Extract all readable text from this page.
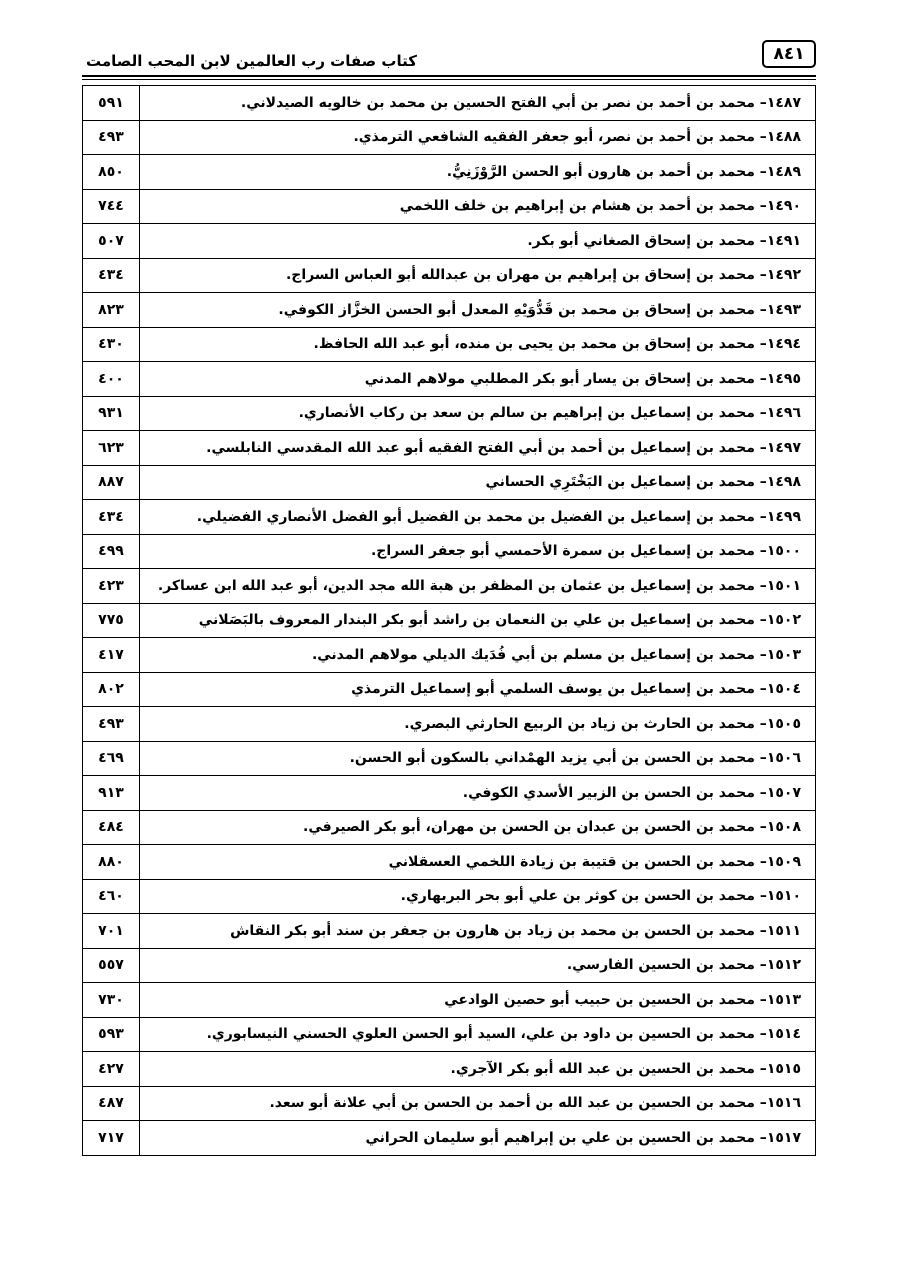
٨٤١
كتاب صفات رب العالمين لابن المحب الصامت
١٤٨٧– محمد بن أحمد بن نصر بن أبي الفتح الحسين بن محمد بن خالويه الصيدلاني.	٥٩١
١٤٨٨– محمد بن أحمد بن نصر، أبو جعفر الفقيه الشافعي الترمذي.	٤٩٣
١٤٨٩– محمد بن أحمد بن هارون أبو الحسن الرَّوْزَنِيُّ.	٨٥٠
١٤٩٠– محمد بن أحمد بن هشام بن إبراهيم بن خلف اللخمي	٧٤٤
١٤٩١– محمد بن إسحاق الصغاني أبو بكر.	٥٠٧
١٤٩٢– محمد بن إسحاق بن إبراهيم بن مهران بن عبدالله أبو العباس السراج.	٤٣٤
١٤٩٣– محمد بن إسحاق بن محمد بن قَدُّوَيْهِ المعدل أبو الحسن الخزَّاز الكوفي.	٨٢٣
١٤٩٤– محمد بن إسحاق بن محمد بن يحيى بن منده، أبو عبد الله الحافظ.	٤٣٠
١٤٩٥– محمد بن إسحاق بن يسار أبو بكر المطلبي مولاهم المدني	٤٠٠
١٤٩٦– محمد بن إسماعيل بن إبراهيم بن سالم بن سعد بن ركاب الأنصاري.	٩٣١
١٤٩٧– محمد بن إسماعيل بن أحمد بن أبي الفتح الفقيه أبو عبد الله المقدسي النابلسي.	٦٢٣
١٤٩٨– محمد بن إسماعيل بن البَخْتَرِي الحساني	٨٨٧
١٤٩٩– محمد بن إسماعيل بن الفضيل بن محمد بن الفضيل أبو الفضل الأنصاري الفضيلي.	٤٣٤
١٥٠٠– محمد بن إسماعيل بن سمرة الأحمسي أبو جعفر السراج.	٤٩٩
١٥٠١– محمد بن إسماعيل بن عثمان بن المظفر بن هبة الله مجد الدين، أبو عبد الله ابن عساكر.	٤٢٣
١٥٠٢– محمد بن إسماعيل بن علي بن النعمان بن راشد أبو بكر البندار المعروف بالبَصَلاني	٧٧٥
١٥٠٣– محمد بن إسماعيل بن مسلم بن أبي فُدَيك الديلي مولاهم المدني.	٤١٧
١٥٠٤– محمد بن إسماعيل بن يوسف السلمي أبو إسماعيل الترمذي	٨٠٢
١٥٠٥– محمد بن الحارث بن زياد بن الربيع الحارثي البصري.	٤٩٣
١٥٠٦– محمد بن الحسن بن أبي يزيد الهمْداني بالسكون أبو الحسن.	٤٦٩
١٥٠٧– محمد بن الحسن بن الزبير الأسدي الكوفي.	٩١٣
١٥٠٨– محمد بن الحسن بن عبدان بن الحسن بن مهران، أبو بكر الصيرفي.	٤٨٤
١٥٠٩– محمد بن الحسن بن قتيبة بن زيادة اللخمي العسقلاني	٨٨٠
١٥١٠– محمد بن الحسن بن كوثر بن علي أبو بحر البربهاري.	٤٦٠
١٥١١– محمد بن الحسن بن محمد بن زياد بن هارون بن جعفر بن سند أبو بكر النقاش	٧٠١
١٥١٢– محمد بن الحسين الفارسي.	٥٥٧
١٥١٣– محمد بن الحسين بن حبيب أبو حصين الوادعي	٧٣٠
١٥١٤– محمد بن الحسين بن داود بن علي، السيد أبو الحسن العلوي الحسني النيسابوري.	٥٩٣
١٥١٥– محمد بن الحسين بن عبد الله أبو بكر الآجري.	٤٢٧
١٥١٦– محمد بن الحسين بن عبد الله بن أحمد بن الحسن بن أبي علانة أبو سعد.	٤٨٧
١٥١٧– محمد بن الحسين بن علي بن إبراهيم أبو سليمان الحراني	٧١٧
